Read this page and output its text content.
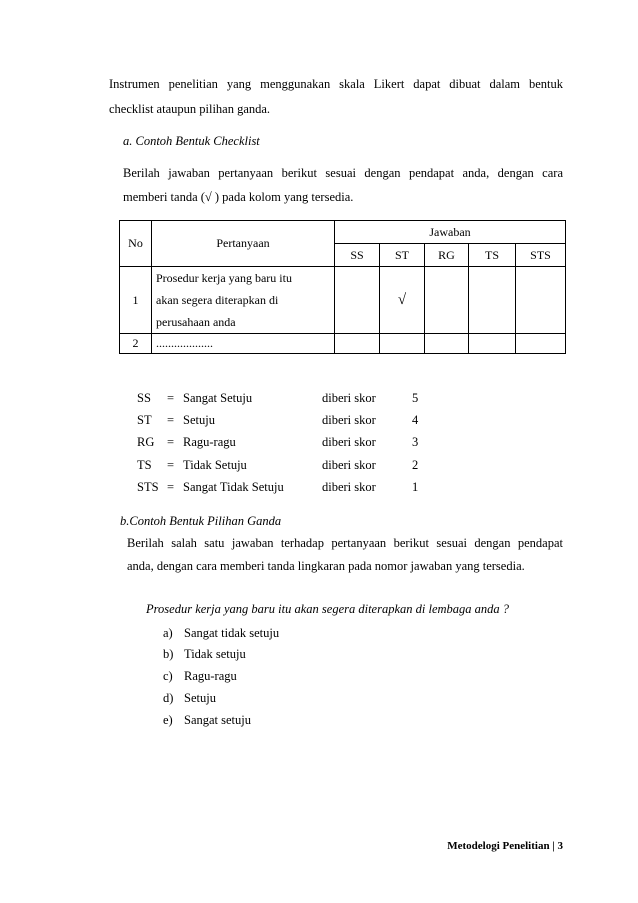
Instrumen penelitian yang menggunakan skala Likert dapat dibuat dalam bentuk
checklist ataupun pilihan ganda.
a. Contoh Bentuk Checklist
Berilah jawaban pertanyaan berikut sesuai dengan pendapat anda, dengan cara
memberi tanda (√ ) pada kolom yang tersedia.
No	Pertanyaan	Jawaban				
		SS	ST	RG	TS	STS
1	Prosedur kerja yang baru itu
akan segera diterapkan di
perusahaan anda		√			
2	...................					
SS = Sangat Setuju	diberi skor	5
ST = Setuju	diberi skor	4
RG = Ragu-ragu	diberi skor	3
TS = Tidak Setuju	diberi skor	2
STS = Sangat Tidak Setuju	diberi skor	1
b.Contoh Bentuk Pilihan Ganda
Berilah salah satu jawaban terhadap pertanyaan berikut sesuai dengan pendapat
anda, dengan cara memberi tanda lingkaran pada nomor jawaban yang tersedia.
Prosedur kerja yang baru itu akan segera diterapkan di lembaga anda ?
a) Sangat tidak setuju
b) Tidak setuju
c) Ragu-ragu
d) Setuju
e) Sangat setuju
Metodelogi Penelitian | 3
